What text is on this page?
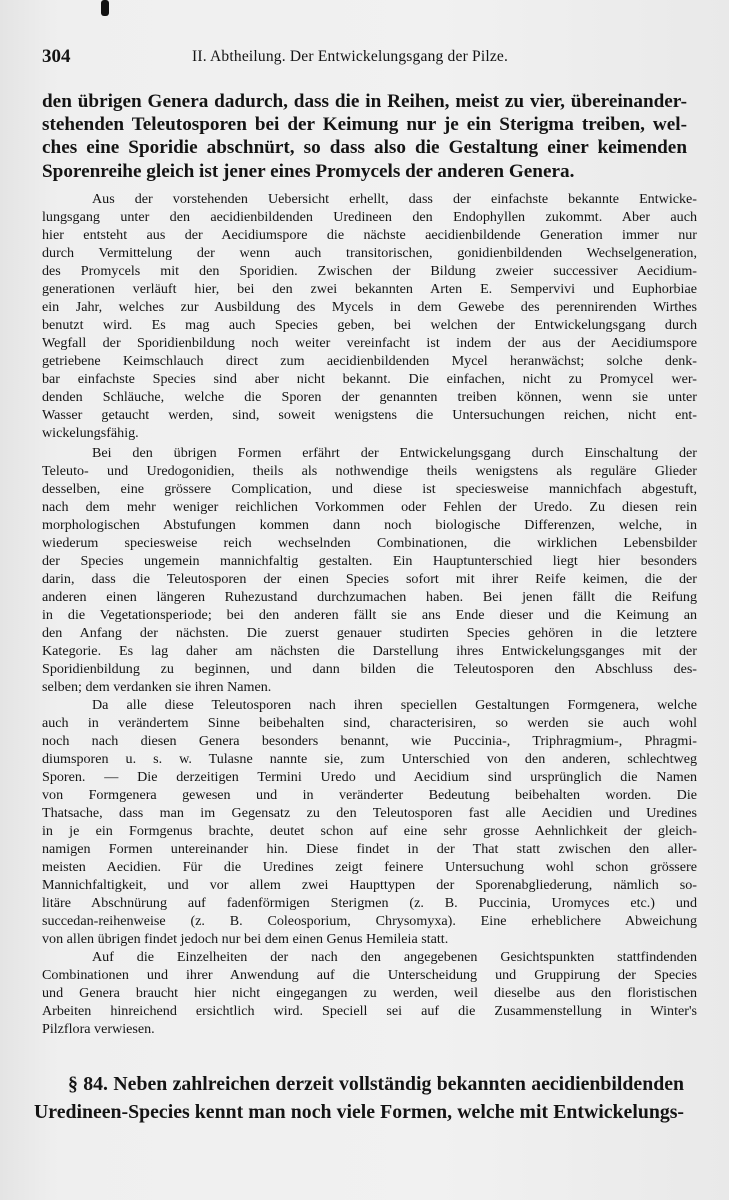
304	II. Abtheilung. Der Entwickelungsgang der Pilze.
den übrigen Genera dadurch, dass die in Reihen, meist zu vier, übereinander-
stehenden Teleutosporen bei der Keimung nur je ein Sterigma treiben, wel-
ches eine Sporidie abschnürt, so dass also die Gestaltung einer keimenden
Sporenreihe gleich ist jener eines Promycels der anderen Genera.
Aus der vorstehenden Uebersicht erhellt, dass der einfachste bekannte Entwicke-
lungsgang unter den aecidienbildenden Uredineen den Endophyllen zukommt. Aber auch
hier entsteht aus der Aecidiumspore die nächste aecidienbildende Generation immer nur
durch Vermittelung der wenn auch transitorischen, gonidienbildenden Wechselgeneration,
des Promycels mit den Sporidien. Zwischen der Bildung zweier successiver Aecidium-
generationen verläuft hier, bei den zwei bekannten Arten E. Sempervivi und Euphorbiae
ein Jahr, welches zur Ausbildung des Mycels in dem Gewebe des perennirenden Wirthes
benutzt wird. Es mag auch Species geben, bei welchen der Entwickelungsgang durch
Wegfall der Sporidienbildung noch weiter vereinfacht ist indem der aus der Aecidiumspore
getriebene Keimschlauch direct zum aecidienbildenden Mycel heranwächst; solche denk-
bar einfachste Species sind aber nicht bekannt. Die einfachen, nicht zu Promycel wer-
denden Schläuche, welche die Sporen der genannten treiben können, wenn sie unter
Wasser getaucht werden, sind, soweit wenigstens die Untersuchungen reichen, nicht ent-
wickelungsfähig.
Bei den übrigen Formen erfährt der Entwickelungsgang durch Einschaltung der
Teleuto- und Uredogonidien, theils als nothwendige theils wenigstens als reguläre Glieder
desselben, eine grössere Complication, und diese ist speciesweise mannichfach abgestuft,
nach dem mehr weniger reichlichen Vorkommen oder Fehlen der Uredo. Zu diesen rein
morphologischen Abstufungen kommen dann noch biologische Differenzen, welche, in
wiederum speciesweise reich wechselnden Combinationen, die wirklichen Lebensbilder
der Species ungemein mannichfaltig gestalten. Ein Hauptunterschied liegt hier besonders
darin, dass die Teleutosporen der einen Species sofort mit ihrer Reife keimen, die der
anderen einen längeren Ruhezustand durchzumachen haben. Bei jenen fällt die Reifung
in die Vegetationsperiode; bei den anderen fällt sie ans Ende dieser und die Keimung an
den Anfang der nächsten. Die zuerst genauer studirten Species gehören in die letztere
Kategorie. Es lag daher am nächsten die Darstellung ihres Entwickelungsganges mit der
Sporidienbildung zu beginnen, und dann bilden die Teleutosporen den Abschluss des-
selben; dem verdanken sie ihren Namen.
Da alle diese Teleutosporen nach ihren speciellen Gestaltungen Formgenera, welche
auch in verändertem Sinne beibehalten sind, characterisiren, so werden sie auch wohl
noch nach diesen Genera besonders benannt, wie Puccinia-, Triphragmium-, Phragmi-
diumsporen u. s. w. Tulasne nannte sie, zum Unterschied von den anderen, schlechtweg
Sporen. — Die derzeitigen Termini Uredo und Aecidium sind ursprünglich die Namen
von Formgenera gewesen und in veränderter Bedeutung beibehalten worden. Die
Thatsache, dass man im Gegensatz zu den Teleutosporen fast alle Aecidien und Uredines
in je ein Formgenus brachte, deutet schon auf eine sehr grosse Aehnlichkeit der gleich-
namigen Formen untereinander hin. Diese findet in der That statt zwischen den aller-
meisten Aecidien. Für die Uredines zeigt feinere Untersuchung wohl schon grössere
Mannichfaltigkeit, und vor allem zwei Haupttypen der Sporenabgliederung, nämlich so-
litäre Abschnürung auf fadenförmigen Sterigmen (z. B. Puccinia, Uromyces etc.) und
succedan-reihenweise (z. B. Coleosporium, Chrysomyxa). Eine erheblichere Abweichung
von allen übrigen findet jedoch nur bei dem einen Genus Hemileia statt.
Auf die Einzelheiten der nach den angegebenen Gesichtspunkten stattfindenden
Combinationen und ihrer Anwendung auf die Unterscheidung und Gruppirung der Species
und Genera braucht hier nicht eingegangen zu werden, weil dieselbe aus den floristischen
Arbeiten hinreichend ersichtlich wird. Speciell sei auf die Zusammenstellung in Winter's
Pilzflora verwiesen.
§ 84. Neben zahlreichen derzeit vollständig bekannten aecidienbildenden
Uredineen-Species kennt man noch viele Formen, welche mit Entwickelungs-
